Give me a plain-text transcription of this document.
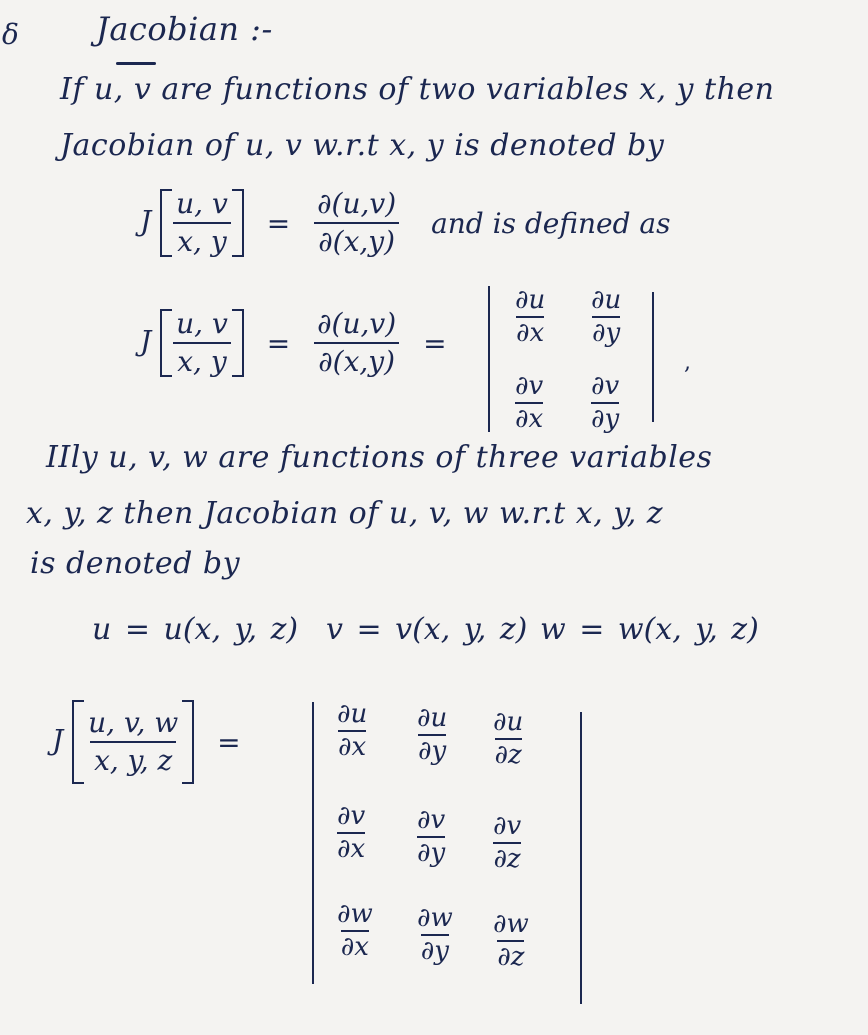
δ Jacobian :-
If u, v are functions of two variables x, y then
Jacobian of u, v w.r.t x, y is denoted by
J $\frac{u, v}{x, y} = \frac{\partial(u,v)}{\partial(x,y)}$ and is defined as
J $\frac{u, v}{x, y} = \frac{\partial(u,v)}{\partial(x,y)}$ =	$\frac{\partial u}{\partial x} \frac{\partial u}{\partial y}$
$\frac{\partial v}{\partial x} \frac{\partial v}{\partial y}$
,
IIly u, v, w are functions of three variables
x, y, z then Jacobian of u, v, w w.r.t x, y, z
is denoted by
u = u(x, y, z) v = v(x, y, z) w = w(x, y, z)
J $\frac{u, v, w}{x, y, z}$ =	$\frac{\partial u}{\partial x} \frac{\partial u}{\partial y} \frac{\partial u}{\partial z}$
$\frac{\partial v}{\partial x} \frac{\partial v}{\partial y} \frac{\partial v}{\partial z}$
$\frac{\partial w}{\partial x} \frac{\partial w}{\partial y} \frac{\partial w}{\partial z}$
